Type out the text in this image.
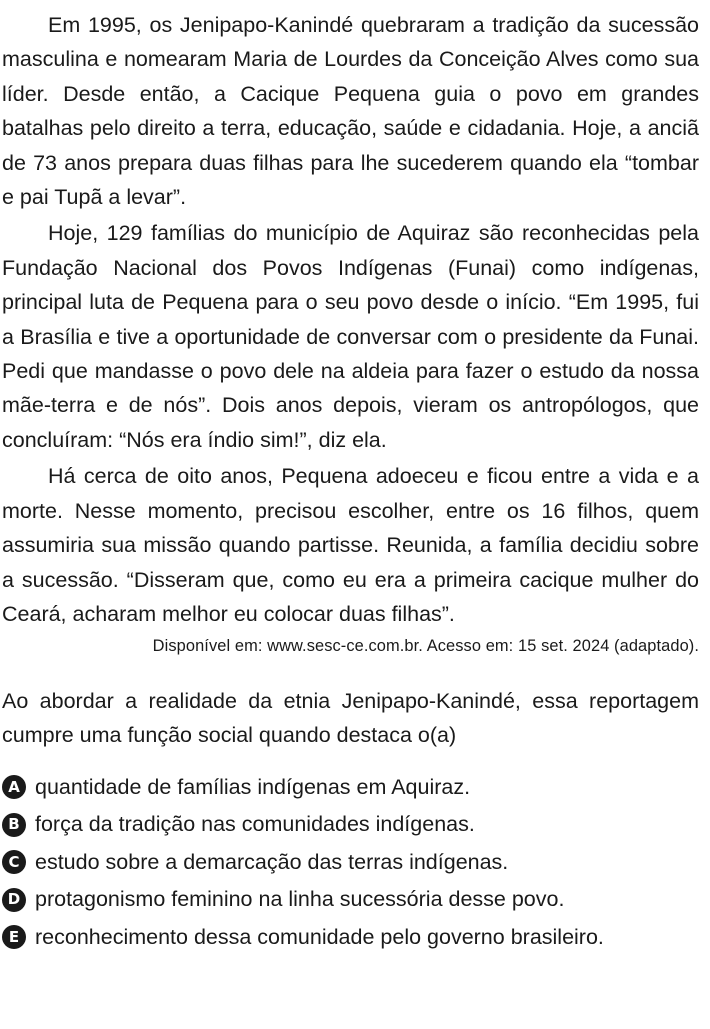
Em 1995, os Jenipapo-Kanindé quebraram a tradição da sucessão masculina e nomearam Maria de Lourdes da Conceição Alves como sua líder. Desde então, a Cacique Pequena guia o povo em grandes batalhas pelo direito a terra, educação, saúde e cidadania. Hoje, a anciã de 73 anos prepara duas filhas para lhe sucederem quando ela “tombar e pai Tupã a levar”.

Hoje, 129 famílias do município de Aquiraz são reconhecidas pela Fundação Nacional dos Povos Indígenas (Funai) como indígenas, principal luta de Pequena para o seu povo desde o início. “Em 1995, fui a Brasília e tive a oportunidade de conversar com o presidente da Funai. Pedi que mandasse o povo dele na aldeia para fazer o estudo da nossa mãe-terra e de nós”. Dois anos depois, vieram os antropólogos, que concluíram: “Nós era índio sim!”, diz ela.

Há cerca de oito anos, Pequena adoeceu e ficou entre a vida e a morte. Nesse momento, precisou escolher, entre os 16 filhos, quem assumiria sua missão quando partisse. Reunida, a família decidiu sobre a sucessão. “Disseram que, como eu era a primeira cacique mulher do Ceará, acharam melhor eu colocar duas filhas”.

Disponível em: www.sesc-ce.com.br. Acesso em: 15 set. 2024 (adaptado).

Ao abordar a realidade da etnia Jenipapo-Kanindé, essa reportagem cumpre uma função social quando destaca o(a)

A quantidade de famílias indígenas em Aquiraz.
B força da tradição nas comunidades indígenas.
C estudo sobre a demarcação das terras indígenas.
D protagonismo feminino na linha sucessória desse povo.
E reconhecimento dessa comunidade pelo governo brasileiro.
